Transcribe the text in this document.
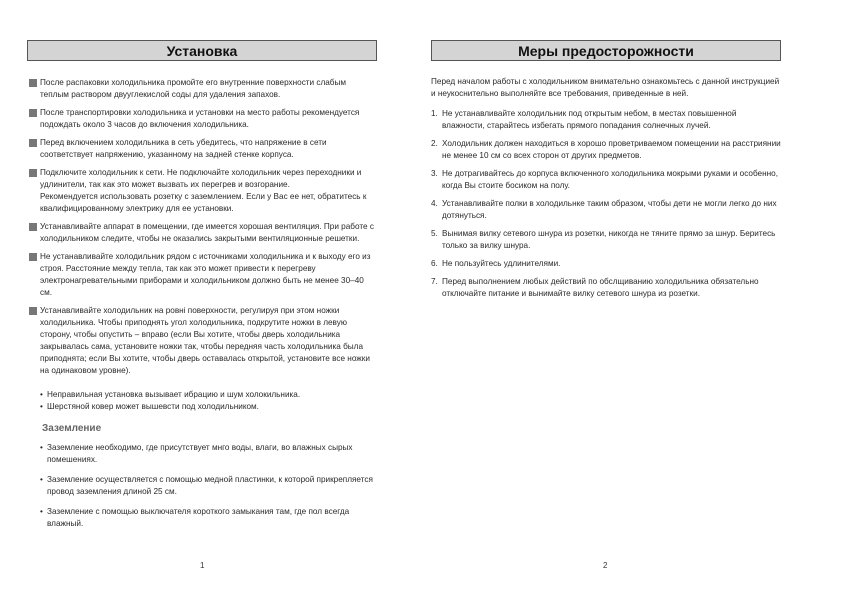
Установка

После распаковки холодильника промойте его внутренние поверхности слабым теплым раствором двууглекислой соды для удаления запахов.

После транспортировки холодильника и установки на место работы рекомендуется подождать около 3 часов до включения холодильника.

Перед включением холодильника в сеть убедитесь, что напряжение в сети соответствует напряжению, указанному на задней стенке корпуса.

Подключите холодильник к сети. Не подключайте холодильник через переходники и удлинители, так как это может вызвать их перегрев и возгорание.

Рекомендуется использовать розетку с заземлением. Если у Вас ее нет, обратитесь к квалифицированному электрику для ее установки.

Устанавливайте аппарат в помещении, где имеется хорошая вентиляция. При работе с холодильником следите, чтобы не оказались закрытыми вентиляционные решетки.

Не устанавливайте холодильник рядом с источниками холодильника и к выходу его из строя. Расстояние между тепла, так как это может привести к перегреву электронагревательными приборами и холодильником должно быть не менее 30–40 см.

Устанавливайте холодильник на ровні поверхности, регулируя при этом ножки холодильника. Чтобы приподнять угол холодильника, подкрутите ножки в левую сторону, чтобы опустить – вправо (если Вы хотите, чтобы дверь холодильника закрывалась сама, установите ножки так, чтобы передняя часть холодильника была приподнята; если Вы хотите, чтобы дверь оставалась открытой, установите все ножки на одинаковом уровне).

• Неправильная установка вызывает ибрацию и шум холокильника.
• Шерстяной ковер может вышевсти под холодильником.
Заземление
• Заземление необходимо, где присутствует мнго воды, влаги, во влажных сырых помешениях.
• Заземление осуществляется с помощью медной пластинки, к которой прикрепляется провод заземления длиной 25 см.
• Заземление с помощью выключателя короткого замыкания там, где пол всегда влажный.
1
Меры предосторожности
Перед началом работы с холодильником внимательно ознакомьтесь с данной инструкцией и неукоснительно выполняйте все требования, приведенные в ней.
1. Не устанавливайте холодильник под открытым небом, в местах повышенной влажности, старайтесь избегать прямого попадания солнечных лучей.
2. Холодильник должен находиться в хорошо проветриваемом помещении на расстриянии не менее 10 см со всех сторон от других предметов.
3. Не дотрагивайтесь до корпуса включенного холодильника мокрыми руками и особенно, когда Вы стоите босиком на полу.
4. Устанавливайте полки в холодильнке таким образом, чтобы дети не могли легко до них дотянуться.
5. Вынимая вилку сетевого шнура из розетки, никогда не тяните прямо за шнур. Беритесь только за вилку шнура.
6. Не пользуйтесь удлинителями.
7. Перед выполнением любых действий по обслщиванию холодильника обязательно отключайте питание и вынимайте вилку сетевого шнура из розетки.
2
